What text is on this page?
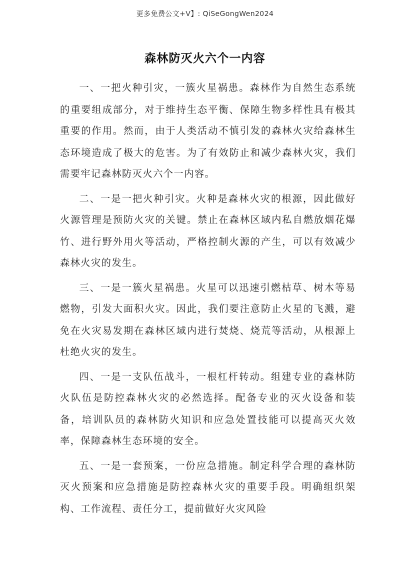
更多免费公文+V】: QiSeGongWen2024
森林防灭火六个一内容

一、一把火种引灾，一簇火星祸患。森林作为自然生态系统的重要组成部分，对于维持生态平衡、保障生物多样性具有极其重要的作用。然而，由于人类活动不慎引发的森林火灾给森林生态环境造成了极大的危害。为了有效防止和减少森林火灾，我们需要牢记森林防灭火六个一内容。

二、一是一把火种引灾。火种是森林火灾的根源，因此做好火源管理是预防火灾的关键。禁止在森林区域内私自燃放烟花爆竹、进行野外用火等活动，严格控制火源的产生，可以有效减少森林火灾的发生。

三、一是一簇火星祸患。火星可以迅速引燃枯草、树木等易燃物，引发大面积火灾。因此，我们要注意防止火星的飞溅，避免在火灾易发期在森林区域内进行焚烧、烧荒等活动，从根源上杜绝火灾的发生。

四、一是一支队伍战斗，一根杠杆转动。组建专业的森林防火队伍是防控森林火灾的必然选择。配备专业的灭火设备和装备，培训队员的森林防火知识和应急处置技能可以提高灭火效率，保障森林生态环境的安全。

五、一是一套预案，一份应急措施。制定科学合理的森林防灭火预案和应急措施是防控森林火灾的重要手段。明确组织架构、工作流程、责任分工，提前做好火灾风险
